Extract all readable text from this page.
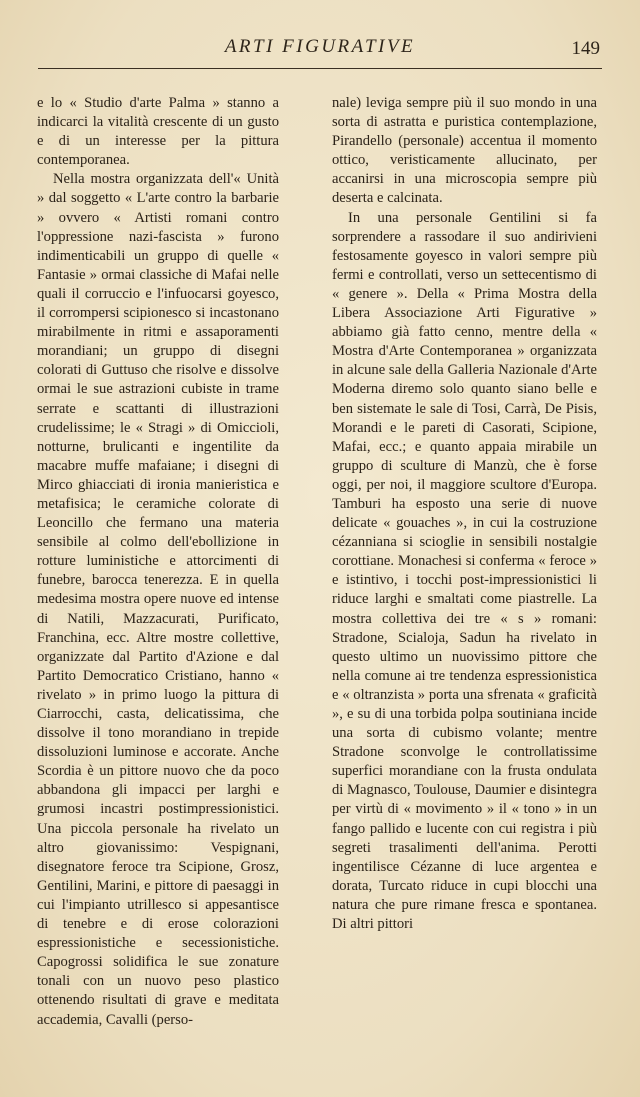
ARTI FIGURATIVE	149

e lo « Studio d'arte Palma » stanno a indicarci la vitalità crescente di un gusto e di un interesse per la pittura contemporanea.

Nella mostra organizzata dell'« Unità » dal soggetto « L'arte contro la barbarie » ovvero « Artisti romani contro l'oppressione nazi-fascista » furono indimenticabili un gruppo di quelle « Fantasie » ormai classiche di Mafai nelle quali il corruccio e l'infuocarsi goyesco, il corrompersi scipionesco si incastonano mirabilmente in ritmi e assaporamenti morandiani; un gruppo di disegni colorati di Guttuso che risolve e dissolve ormai le sue astrazioni cubiste in trame serrate e scattanti di illustrazioni crudelissime; le « Stragi » di Omiccioli, notturne, brulicanti e ingentilite da macabre muffe mafaiane; i disegni di Mirco ghiacciati di ironia manieristica e metafisica; le ceramiche colorate di Leoncillo che fermano una materia sensibile al colmo dell'ebollizione in rotture luministiche e attorcimenti di funebre, barocca tenerezza. E in quella medesima mostra opere nuove ed intense di Natili, Mazzacurati, Purificato, Franchina, ecc. Altre mostre collettive, organizzate dal Partito d'Azione e dal Partito Democratico Cristiano, hanno « rivelato » in primo luogo la pittura di Ciarrocchi, casta, delicatissima, che dissolve il tono morandiano in trepide dissoluzioni luminose e accorate. Anche Scordia è un pittore nuovo che da poco abbandona gli impacci per larghi e grumosi incastri postimpressionistici. Una piccola personale ha rivelato un altro giovanissimo: Vespignani, disegnatore feroce tra Scipione, Grosz, Gentilini, Marini, e pittore di paesaggi in cui l'impianto utrillesco si appesantisce di tenebre e di erose colorazioni espressionistiche e secessionistiche. Capogrossi solidifica le sue zonature tonali con un nuovo peso plastico ottenendo risultati di grave e meditata accademia, Cavalli (perso-

nale) leviga sempre più il suo mondo in una sorta di astratta e puristica contemplazione, Pirandello (personale) accentua il momento ottico, veristicamente allucinato, per accanirsi in una microscopia sempre più deserta e calcinata.

In una personale Gentilini si fa sorprendere a rassodare il suo andirivieni festosamente goyesco in valori sempre più fermi e controllati, verso un settecentismo di « genere ». Della « Prima Mostra della Libera Associazione Arti Figurative » abbiamo già fatto cenno, mentre della « Mostra d'Arte Contemporanea » organizzata in alcune sale della Galleria Nazionale d'Arte Moderna diremo solo quanto siano belle e ben sistemate le sale di Tosi, Carrà, De Pisis, Morandi e le pareti di Casorati, Scipione, Mafai, ecc.; e quanto appaia mirabile un gruppo di sculture di Manzù, che è forse oggi, per noi, il maggiore scultore d'Europa. Tamburi ha esposto una serie di nuove delicate « gouaches », in cui la costruzione cézanniana si scioglie in sensibili nostalgie corottiane. Monachesi si conferma « feroce » e istintivo, i tocchi post-impressionistici li riduce larghi e smaltati come piastrelle. La mostra collettiva dei tre « s » romani: Stradone, Scialoja, Sadun ha rivelato in questo ultimo un nuovissimo pittore che nella comune ai tre tendenza espressionistica e « oltranzista » porta una sfrenata « graficità », e su di una torbida polpa soutiniana incide una sorta di cubismo volante; mentre Stradone sconvolge le controllatissime superfici morandiane con la frusta ondulata di Magnasco, Toulouse, Daumier e disintegra per virtù di « movimento » il « tono » in un fango pallido e lucente con cui registra i più segreti trasalimenti dell'anima. Perotti ingentilisce Cézanne di luce argentea e dorata, Turcato riduce in cupi blocchi una natura che pure rimane fresca e spontanea. Di altri pittori
